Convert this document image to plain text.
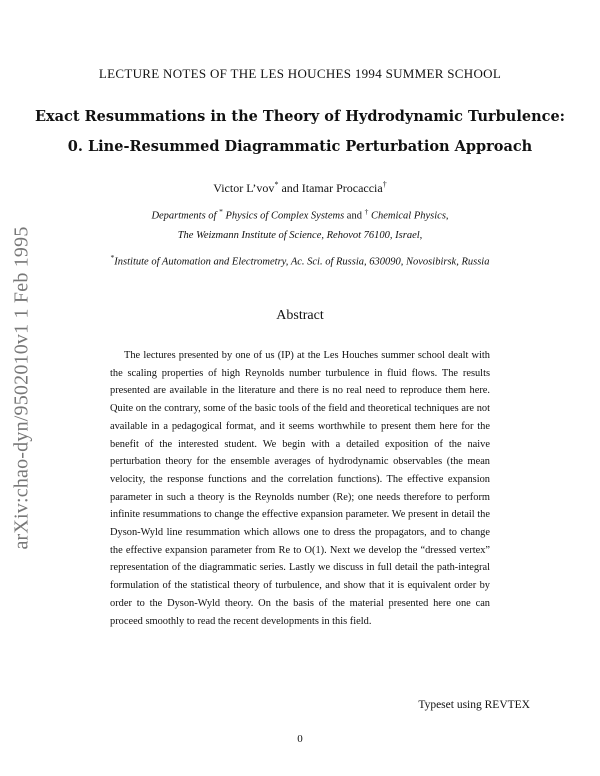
arXiv:chao-dyn/9502010v1 1 Feb 1995
LECTURE NOTES OF THE LES HOUCHES 1994 SUMMER SCHOOL
Exact Resummations in the Theory of Hydrodynamic Turbulence:
0. Line-Resummed Diagrammatic Perturbation Approach
Victor L’vov* and Itamar Procaccia†
Departments of * Physics of Complex Systems and † Chemical Physics,
The Weizmann Institute of Science, Rehovot 76100, Israel,
*Institute of Automation and Electrometry, Ac. Sci. of Russia, 630090, Novosibirsk, Russia
Abstract

The lectures presented by one of us (IP) at the Les Houches summer school dealt with the scaling properties of high Reynolds number turbulence in fluid flows. The results presented are available in the literature and there is no real need to reproduce them here. Quite on the contrary, some of the basic tools of the field and theoretical techniques are not available in a pedagogical format, and it seems worthwhile to present them here for the benefit of the interested student. We begin with a detailed exposition of the naive perturbation theory for the ensemble averages of hydrodynamic observables (the mean velocity, the response functions and the correlation functions). The effective expansion parameter in such a theory is the Reynolds number (Re); one needs therefore to perform infinite resummations to change the effective expansion parameter. We present in detail the Dyson-Wyld line resummation which allows one to dress the propagators, and to change the effective expansion parameter from Re to O(1). Next we develop the “dressed vertex” representation of the diagrammatic series. Lastly we discuss in full detail the path-integral formulation of the statistical theory of turbulence, and show that it is equivalent order by order to the Dyson-Wyld theory. On the basis of the material presented here one can proceed smoothly to read the recent developments in this field.

Typeset using REVTEX
0
